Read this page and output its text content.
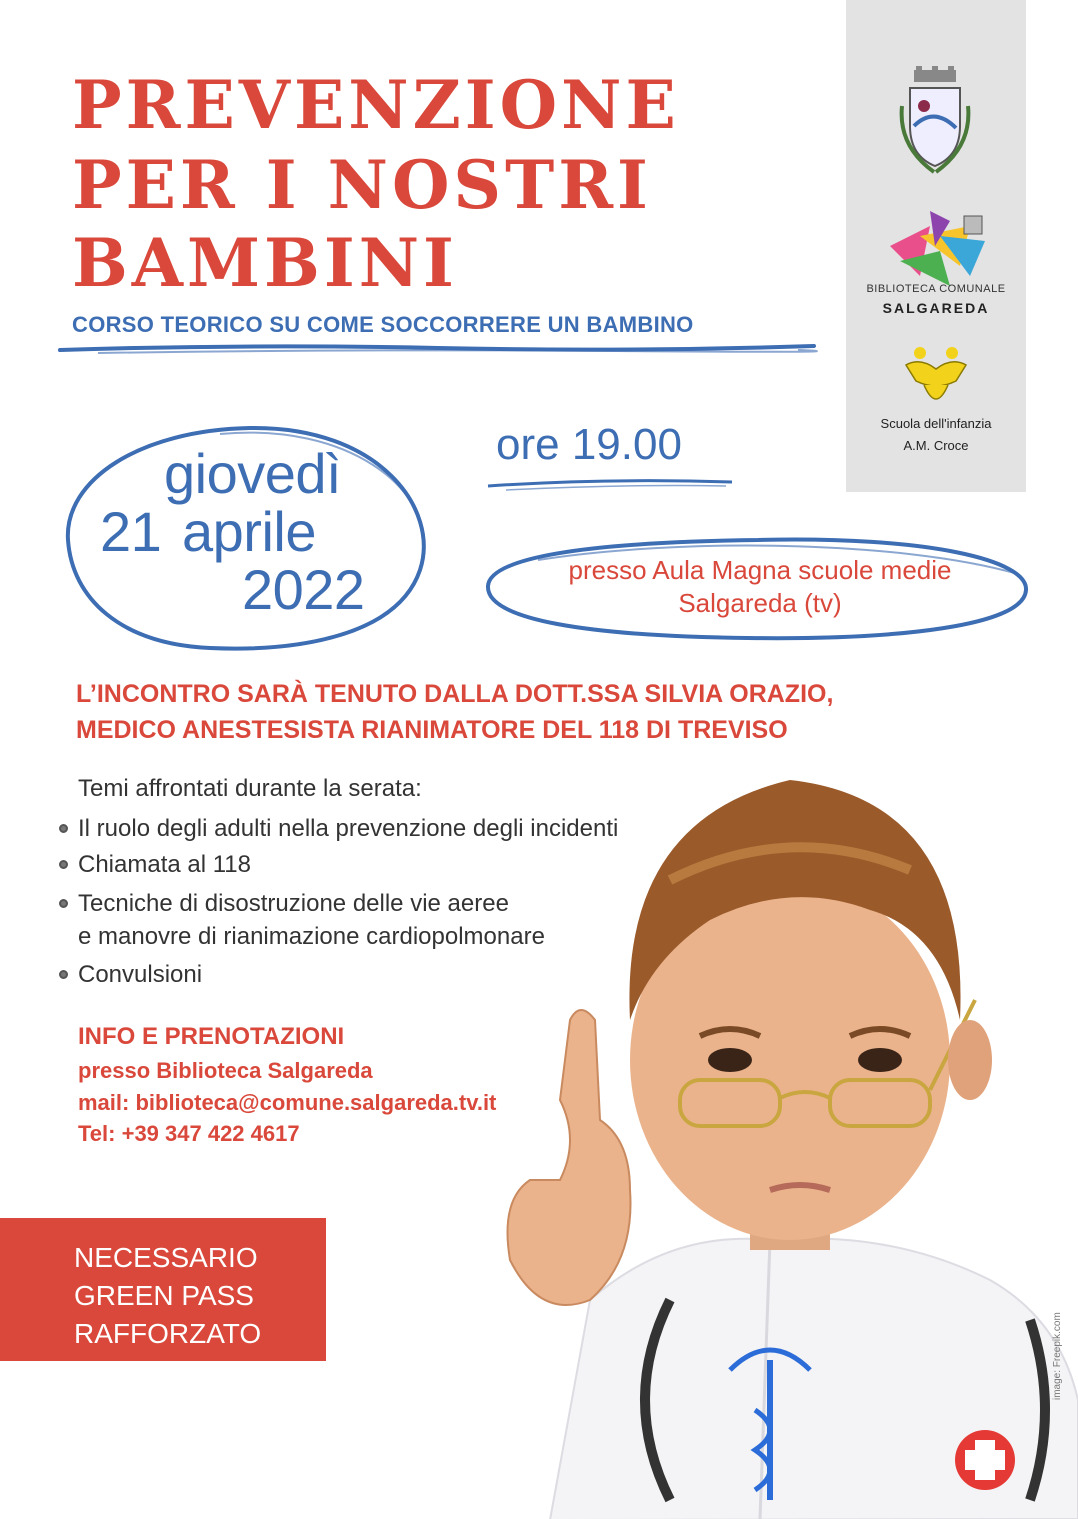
PREVENZIONE
PER I NOSTRI
BAMBINI
CORSO TEORICO SU COME SOCCORRERE UN BAMBINO
BIBLIOTECA COMUNALE
SALGAREDA
Scuola dell'infanzia
A.M. Croce
giovedì
21 aprile
2022
ore 19.00
presso Aula Magna scuole medie
Salgareda (tv)
L’INCONTRO SARÀ TENUTO DALLA DOTT.SSA SILVIA ORAZIO,
MEDICO ANESTESISTA RIANIMATORE DEL 118 DI TREVISO
Temi affrontati durante la serata:
Il ruolo degli adulti nella prevenzione degli incidenti
Chiamata al 118
Tecniche di disostruzione delle vie aeree
e manovre di rianimazione cardiopolmonare
Convulsioni
INFO E PRENOTAZIONI
presso Biblioteca Salgareda
mail: biblioteca@comune.salgareda.tv.it
Tel: +39 347 422 4617
NECESSARIO
GREEN PASS
RAFFORZATO	image: Freepik.com
